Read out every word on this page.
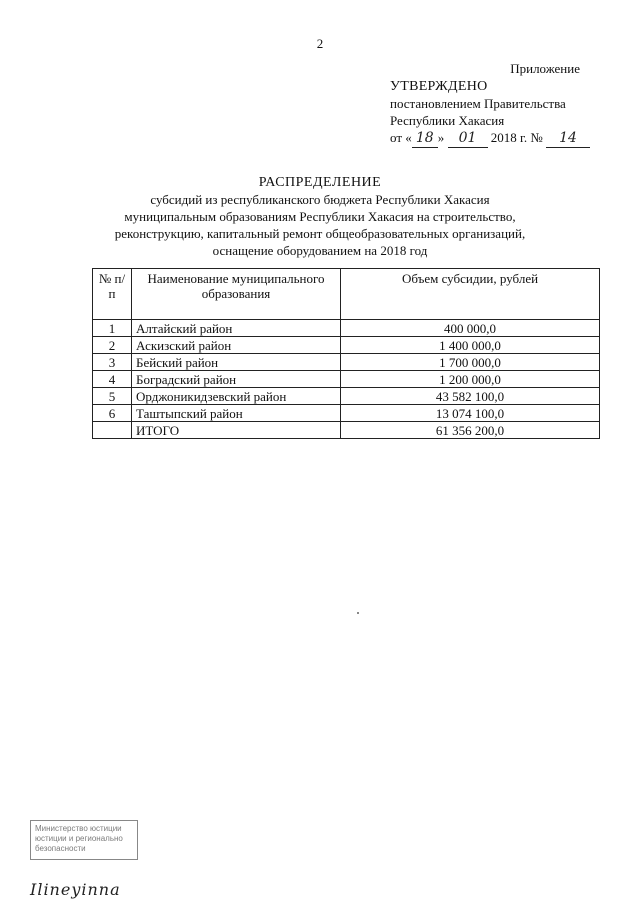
2
Приложение
УТВЕРЖДЕНО
постановлением Правительства
Республики Хакасия
от « 18 » 01 2018 г. № 14
РАСПРЕДЕЛЕНИЕ
субсидий из республиканского бюджета Республики Хакасия
муниципальным образованиям Республики Хакасия на строительство,
реконструкцию, капитальный ремонт общеобразовательных организаций,
оснащение оборудованием на 2018 год
№ п/п	Наименование муниципального образования	Объем субсидии, рублей
1	Алтайский район	400 000,0
2	Аскизский район	1 400 000,0
3	Бейский район	1 700 000,0
4	Боградский район	1 200 000,0
5	Орджоникидзевский район	43 582 100,0
6	Таштыпский район	13 074 100,0
	ИТОГО	61 356 200,0
Министерство юстиции
юстиции и регионально
безопасности
Ilineyinna
